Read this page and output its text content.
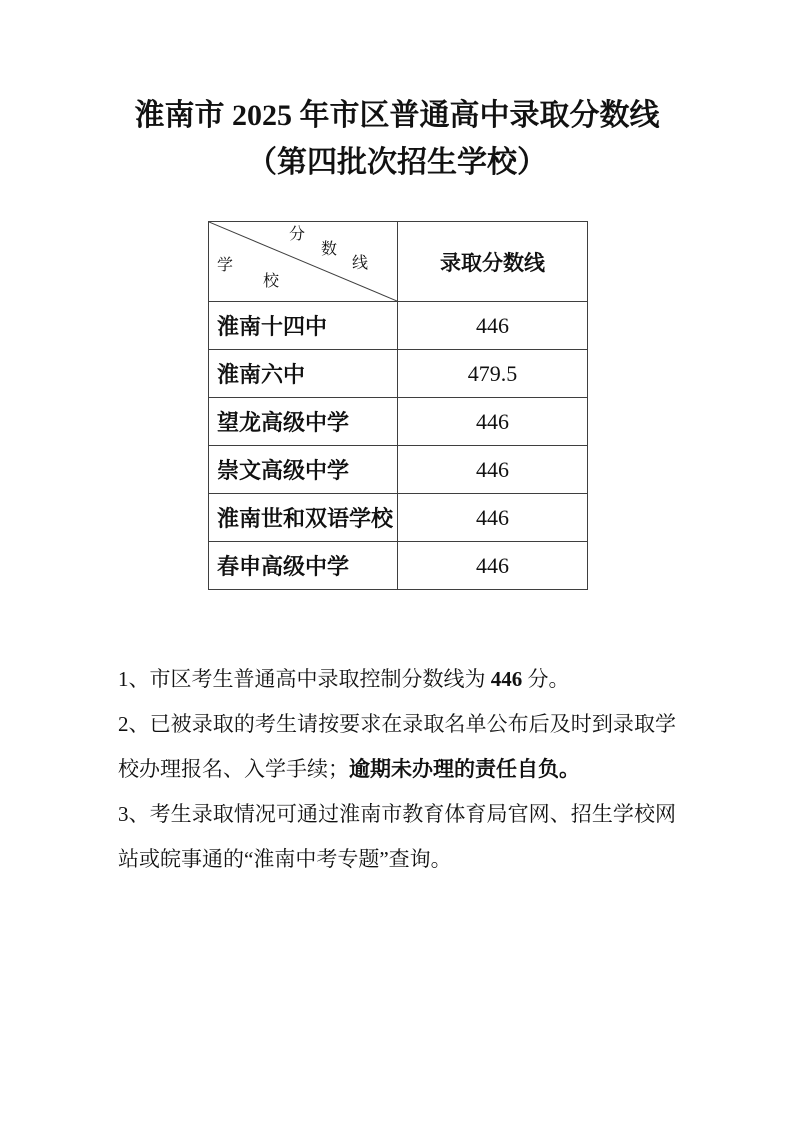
淮南市 2025 年市区普通高中录取分数线
（第四批次招生学校）
分
数
线
学
校	录取分数线
淮南十四中	446
淮南六中	479.5
望龙高级中学	446
崇文高级中学	446
淮南世和双语学校	446
春申高级中学	446

1、市区考生普通高中录取控制分数线为 446 分。

2、已被录取的考生请按要求在录取名单公布后及时到录取学校办理报名、入学手续；逾期未办理的责任自负。

3、考生录取情况可通过淮南市教育体育局官网、招生学校网站或皖事通的“淮南中考专题”查询。
